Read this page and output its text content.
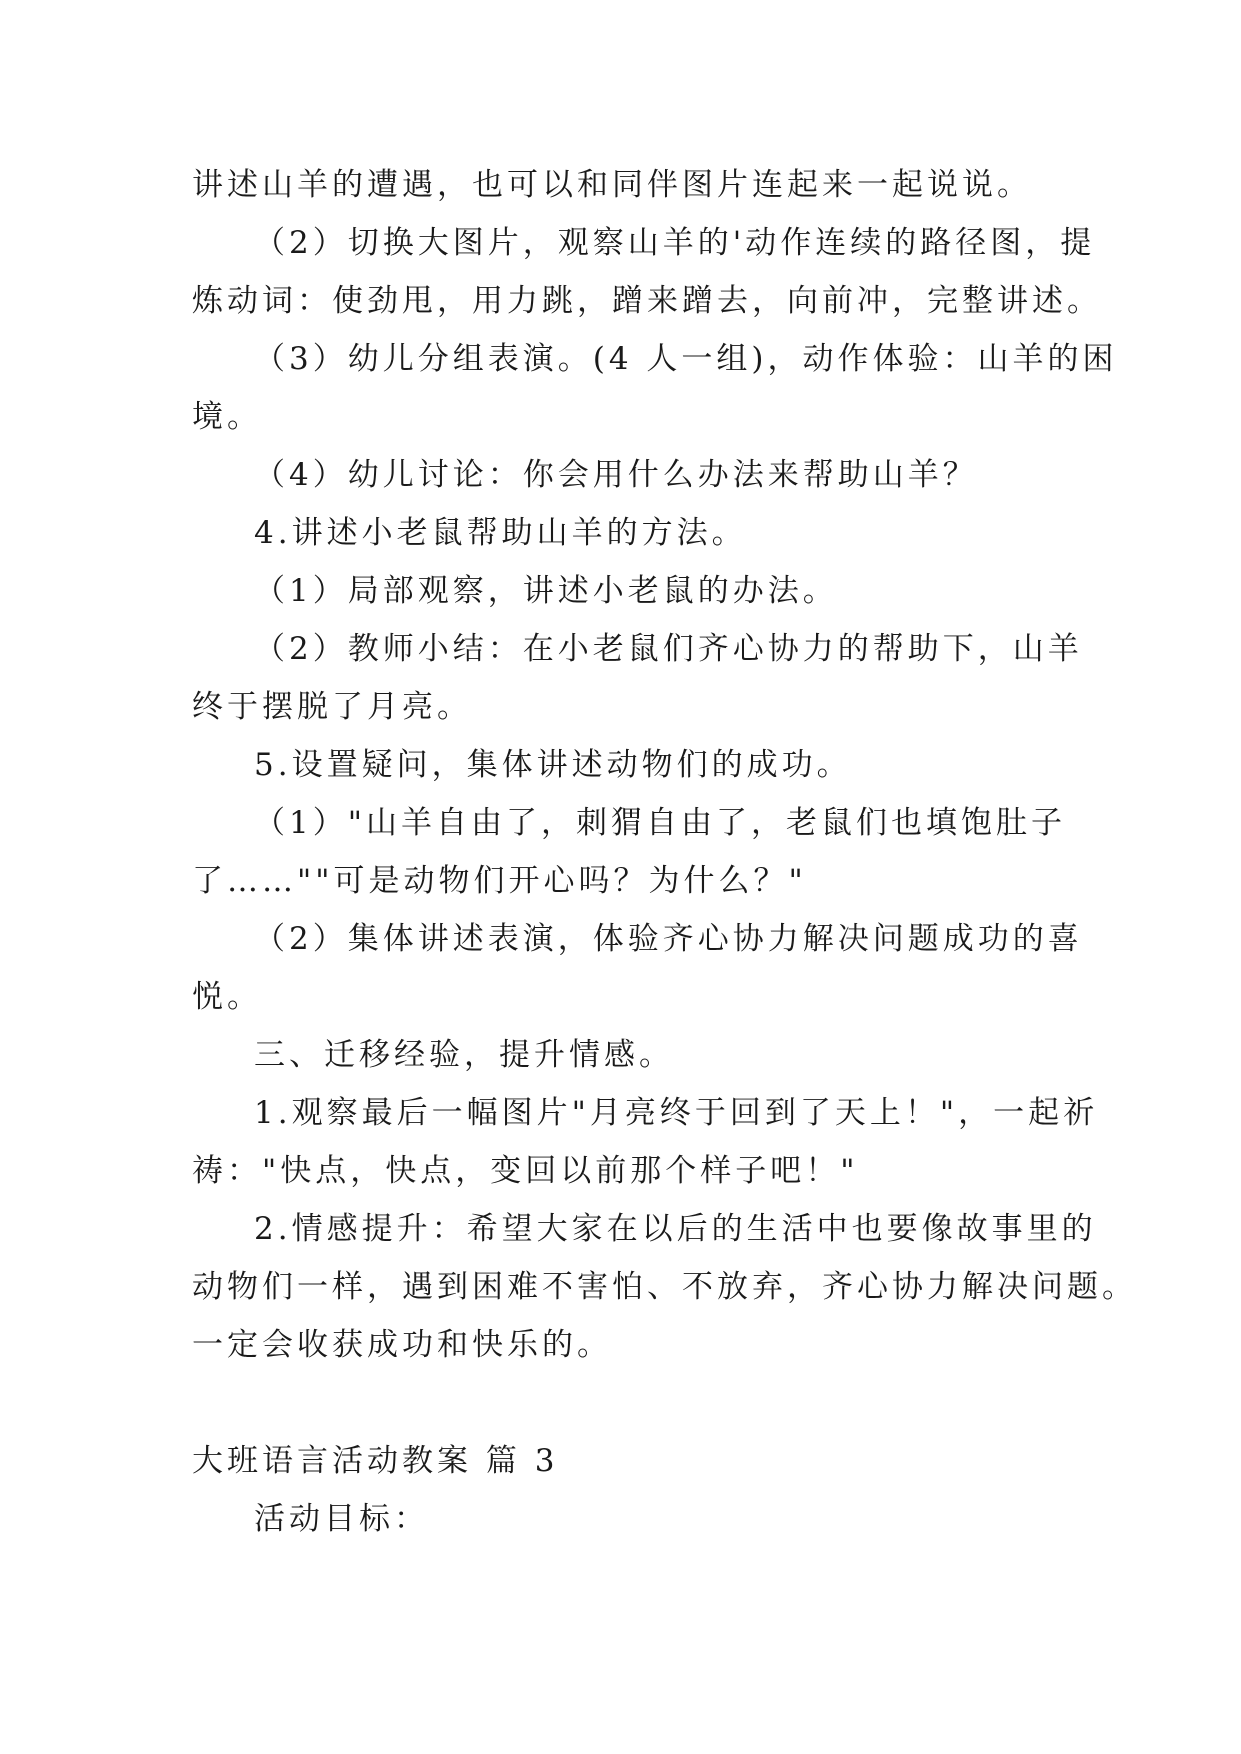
讲述山羊的遭遇，也可以和同伴图片连起来一起说说。
（2）切换大图片，观察山羊的'动作连续的路径图，提
炼动词：使劲甩，用力跳，蹭来蹭去，向前冲，完整讲述。
（3）幼儿分组表演。(4 人一组)，动作体验：山羊的困
境。
（4）幼儿讨论：你会用什么办法来帮助山羊？
4.讲述小老鼠帮助山羊的方法。
（1）局部观察，讲述小老鼠的办法。
（2）教师小结：在小老鼠们齐心协力的帮助下，山羊
终于摆脱了月亮。
5.设置疑问，集体讲述动物们的成功。
（1）"山羊自由了，刺猬自由了，老鼠们也填饱肚子
了……""可是动物们开心吗？为什么？"
（2）集体讲述表演，体验齐心协力解决问题成功的喜
悦。
三、迁移经验，提升情感。
1.观察最后一幅图片"月亮终于回到了天上！"，一起祈
祷："快点，快点，变回以前那个样子吧！"
2.情感提升：希望大家在以后的生活中也要像故事里的
动物们一样，遇到困难不害怕、不放弃，齐心协力解决问题。
一定会收获成功和快乐的。
大班语言活动教案 篇 3
活动目标：
